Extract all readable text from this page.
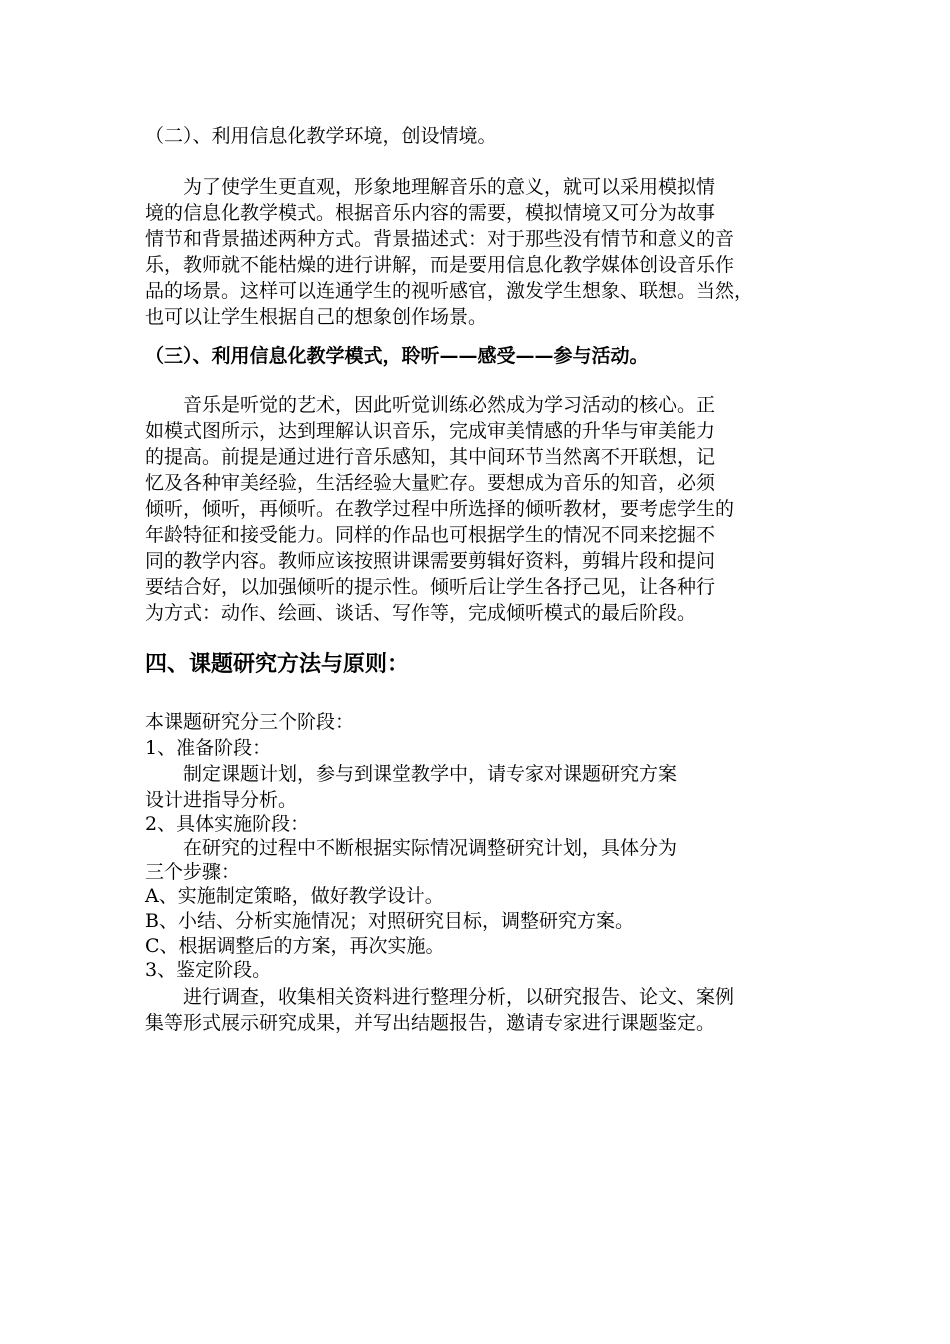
（二）、利用信息化教学环境，创设情境。
　　为了使学生更直观，形象地理解音乐的意义，就可以采用模拟情
境的信息化教学模式。根据音乐内容的需要，模拟情境又可分为故事
情节和背景描述两种方式。背景描述式：对于那些没有情节和意义的音
乐，教师就不能枯燥的进行讲解，而是要用信息化教学媒体创设音乐作
品的场景。这样可以连通学生的视听感官，激发学生想象、联想。当然，
也可以让学生根据自己的想象创作场景。
（三）、利用信息化教学模式，聆听——感受——参与活动。
　　音乐是听觉的艺术，因此听觉训练必然成为学习活动的核心。正
如模式图所示，达到理解认识音乐，完成审美情感的升华与审美能力
的提高。前提是通过进行音乐感知，其中间环节当然离不开联想，记
忆及各种审美经验，生活经验大量贮存。要想成为音乐的知音，必须
倾听，倾听，再倾听。在教学过程中所选择的倾听教材，要考虑学生的
年龄特征和接受能力。同样的作品也可根据学生的情况不同来挖掘不
同的教学内容。教师应该按照讲课需要剪辑好资料，剪辑片段和提问
要结合好，以加强倾听的提示性。倾听后让学生各抒己见，让各种行
为方式：动作、绘画、谈话、写作等，完成倾听模式的最后阶段。
四、课题研究方法与原则：
本课题研究分三个阶段：
1、准备阶段：
　　制定课题计划，参与到课堂教学中，请专家对课题研究方案
设计进指导分析。
2、具体实施阶段：
　　在研究的过程中不断根据实际情况调整研究计划，具体分为
三个步骤：
A、实施制定策略，做好教学设计。
B、小结、分析实施情况；对照研究目标，调整研究方案。
C、根据调整后的方案，再次实施。
3、鉴定阶段。
　　进行调查，收集相关资料进行整理分析，以研究报告、论文、案例
集等形式展示研究成果，并写出结题报告，邀请专家进行课题鉴定。
